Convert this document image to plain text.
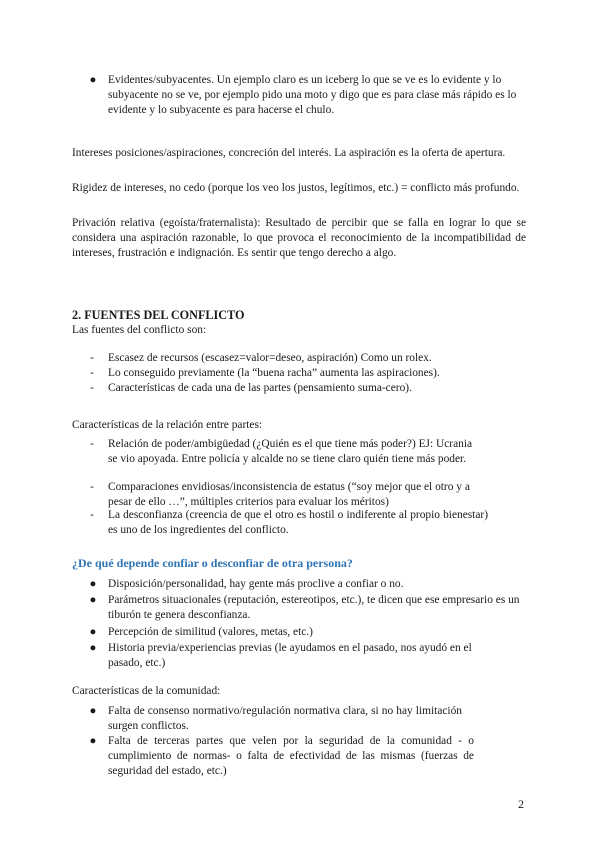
● Evidentes/subyacentes. Un ejemplo claro es un iceberg lo que se ve es lo evidente y lo subyacente no se ve, por ejemplo pido una moto y digo que es para clase más rápido es lo evidente y lo subyacente es para hacerse el chulo.

Intereses posiciones/aspiraciones, concreción del interés. La aspiración es la oferta de apertura.

Rigidez de intereses, no cedo (porque los veo los justos, legítimos, etc.) = conflicto más profundo.

Privación relativa (egoísta/fraternalista): Resultado de percibir que se falla en lograr lo que se considera una aspiración razonable, lo que provoca el reconocimiento de la incompatibilidad de intereses, frustración e indignación. Es sentir que tengo derecho a algo.

2. FUENTES DEL CONFLICTO

Las fuentes del conflicto son:

-	Escasez de recursos (escasez=valor=deseo, aspiración) Como un rolex.

-	Lo conseguido previamente (la “buena racha” aumenta las aspiraciones).

-	Características de cada una de las partes (pensamiento suma-cero).

Características de la relación entre partes:

-	Relación de poder/ambigüedad (¿Quién es el que tiene más poder?) EJ: Ucrania se vio apoyada. Entre policía y alcalde no se tiene claro quién tiene más poder.

-	Comparaciones envidiosas/inconsistencia de estatus (“soy mejor que el otro y a pesar de ello …”, múltiples criterios para evaluar los méritos)

-	La desconfianza (creencia de que el otro es hostil o indiferente al propio bienestar) es uno de los ingredientes del conflicto.

¿De qué depende confiar o desconfiar de otra persona?

● Disposición/personalidad, hay gente más proclive a confiar o no.

● Parámetros situacionales (reputación, estereotipos, etc.), te dicen que ese empresario es un tiburón te genera desconfianza.

● Percepción de similitud (valores, metas, etc.)

● Historia previa/experiencias previas (le ayudamos en el pasado, nos ayudó en el pasado, etc.)

Características de la comunidad:

● Falta de consenso normativo/regulación normativa clara, si no hay limitación surgen conflictos.

● Falta de terceras partes que velen por la seguridad de la comunidad - o cumplimiento de normas- o falta de efectividad de las mismas (fuerzas de seguridad del estado, etc.)

2
